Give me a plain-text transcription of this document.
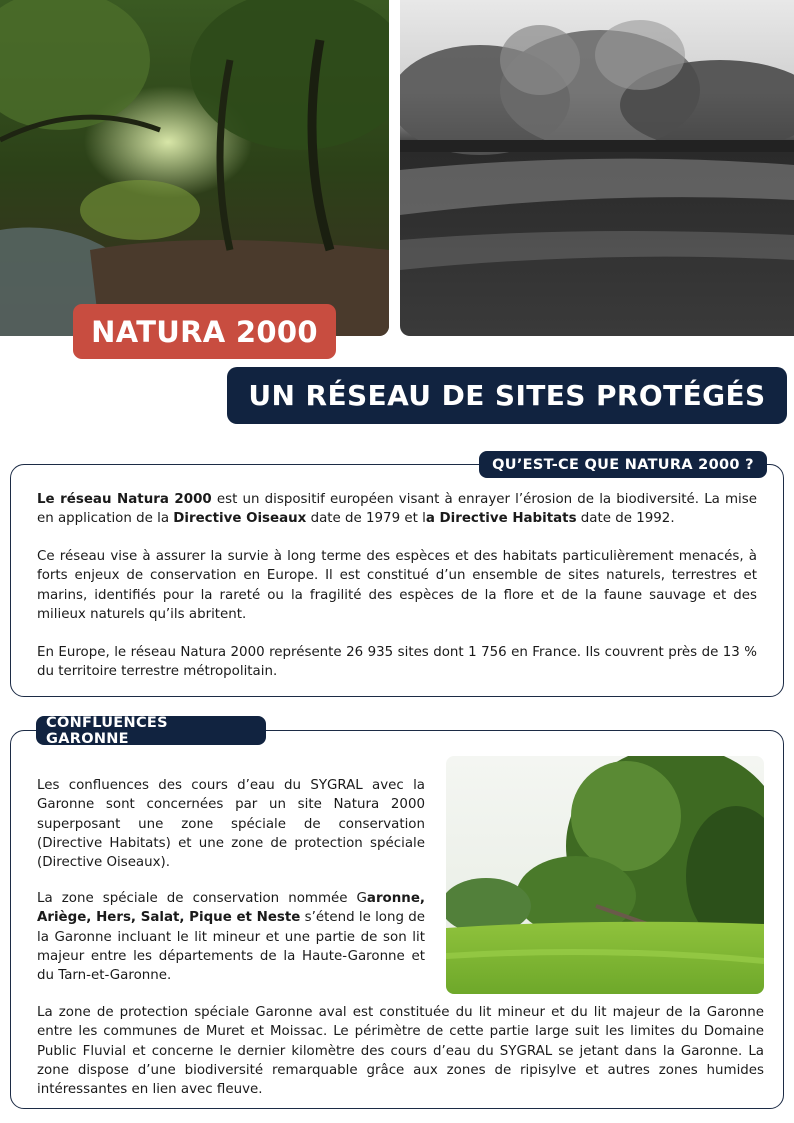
NATURA 2000
UN RÉSEAU DE SITES PROTÉGÉS
QU’EST-CE QUE NATURA 2000 ?

Le réseau Natura 2000 est un dispositif européen visant à enrayer l’érosion de la biodiversité. La mise en application de la Directive Oiseaux date de 1979 et la Directive Habitats date de 1992.

Ce réseau vise à assurer la survie à long terme des espèces et des habitats particulièrement menacés, à forts enjeux de conservation en Europe. Il est constitué d’un ensemble de sites naturels, terrestres et marins, identifiés pour la rareté ou la fragilité des espèces de la flore et de la faune sauvage et des milieux naturels qu’ils abritent.

En Europe, le réseau Natura 2000 représente 26 935 sites dont 1 756 en France. Ils couvrent près de 13 % du territoire terrestre métropolitain.

CONFLUENCES GARONNE

Les confluences des cours d’eau du SYGRAL avec la Garonne sont concernées par un site Natura 2000 superposant une zone spéciale de conservation (Directive Habitats) et une zone de protection spéciale (Directive Oiseaux).

La zone spéciale de conservation nommée Garonne, Ariège, Hers, Salat, Pique et Neste s’étend le long de la Garonne incluant le lit mineur et une partie de son lit majeur entre les départements de la Haute-Garonne et du Tarn-et-Garonne.

La zone de protection spéciale Garonne aval est constituée du lit mineur et du lit majeur de la Garonne entre les communes de Muret et Moissac. Le périmètre de cette partie large suit les limites du Domaine Public Fluvial et concerne le dernier kilomètre des cours d’eau du SYGRAL se jetant dans la Garonne. La zone dispose d’une biodiversité remarquable grâce aux zones de ripisylve et autres zones humides intéressantes en lien avec fleuve.
